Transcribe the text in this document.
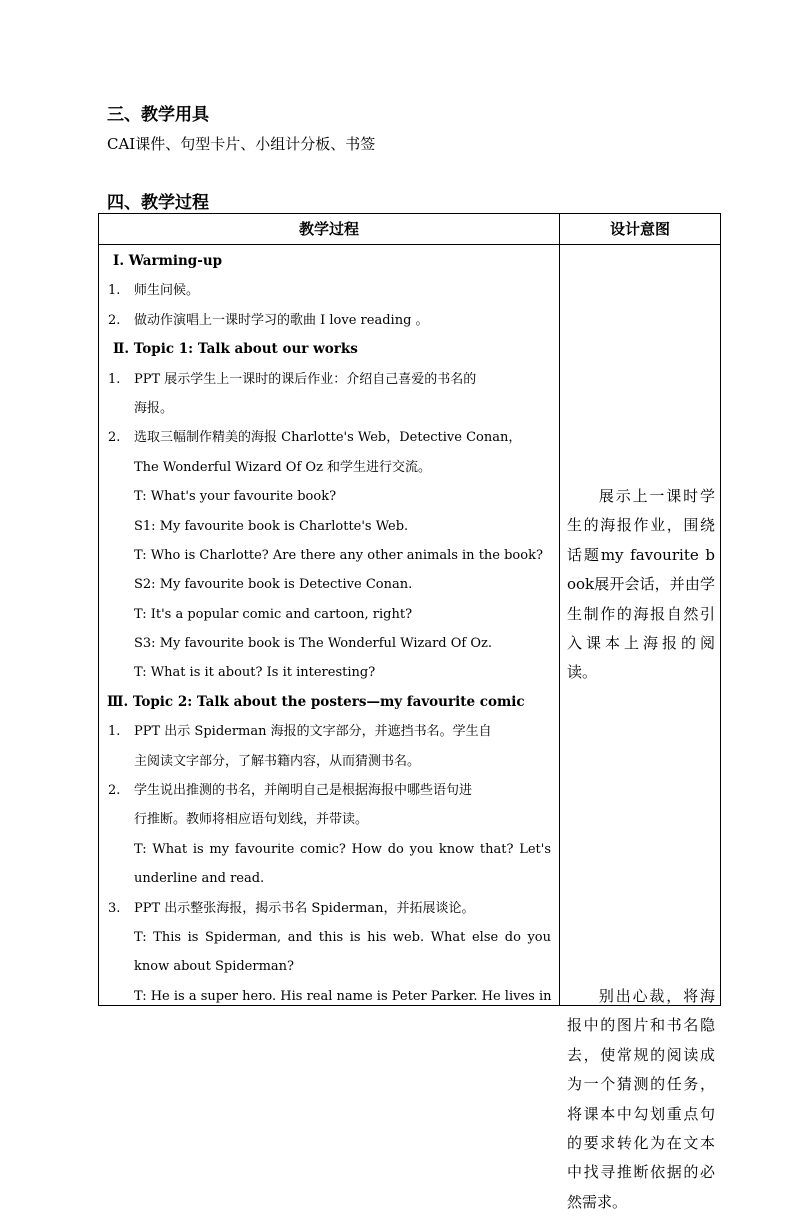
三、教学用具
CAI课件、句型卡片、小组计分板、书签
四、教学过程
教学过程	设计意图
Ⅰ. Warming-up
1. 师生问候。
2. 做动作演唱上一课时学习的歌曲 I love reading 。
Ⅱ. Topic 1: Talk about our works
1. PPT 展示学生上一课时的课后作业：介绍自己喜爱的书名的
海报。
2. 选取三幅制作精美的海报 Charlotte's Web，Detective Conan，
The Wonderful Wizard Of Oz 和学生进行交流。
T: What's your favourite book?
S1: My favourite book is Charlotte's Web.
T: Who is Charlotte? Are there any other animals in the book?
S2: My favourite book is Detective Conan.
T: It's a popular comic and cartoon, right?
S3: My favourite book is The Wonderful Wizard Of Oz.
T: What is it about? Is it interesting?
Ⅲ. Topic 2: Talk about the posters—my favourite comic
1. PPT 出示 Spiderman 海报的文字部分，并遮挡书名。学生自
主阅读文字部分，了解书籍内容，从而猜测书名。
2. 学生说出推测的书名，并阐明自己是根据海报中哪些语句进
行推断。教师将相应语句划线，并带读。
T: What is my favourite comic? How do you know that? Let's
underline and read.
3. PPT 出示整张海报，揭示书名 Spiderman，并拓展谈论。
T: This is Spiderman, and this is his web. What else do you
know about Spiderman?
T: He is a super hero. His real name is Peter Parker. He lives in
展示上一课时学生的海报作业，围绕话题my favourite book展开会话，并由学生制作的海报自然引入课本上海报的阅读。
别出心裁，将海报中的图片和书名隐去，使常规的阅读成为一个猜测的任务，将课本中勾划重点句的要求转化为在文本中找寻推断依据的必然需求。
